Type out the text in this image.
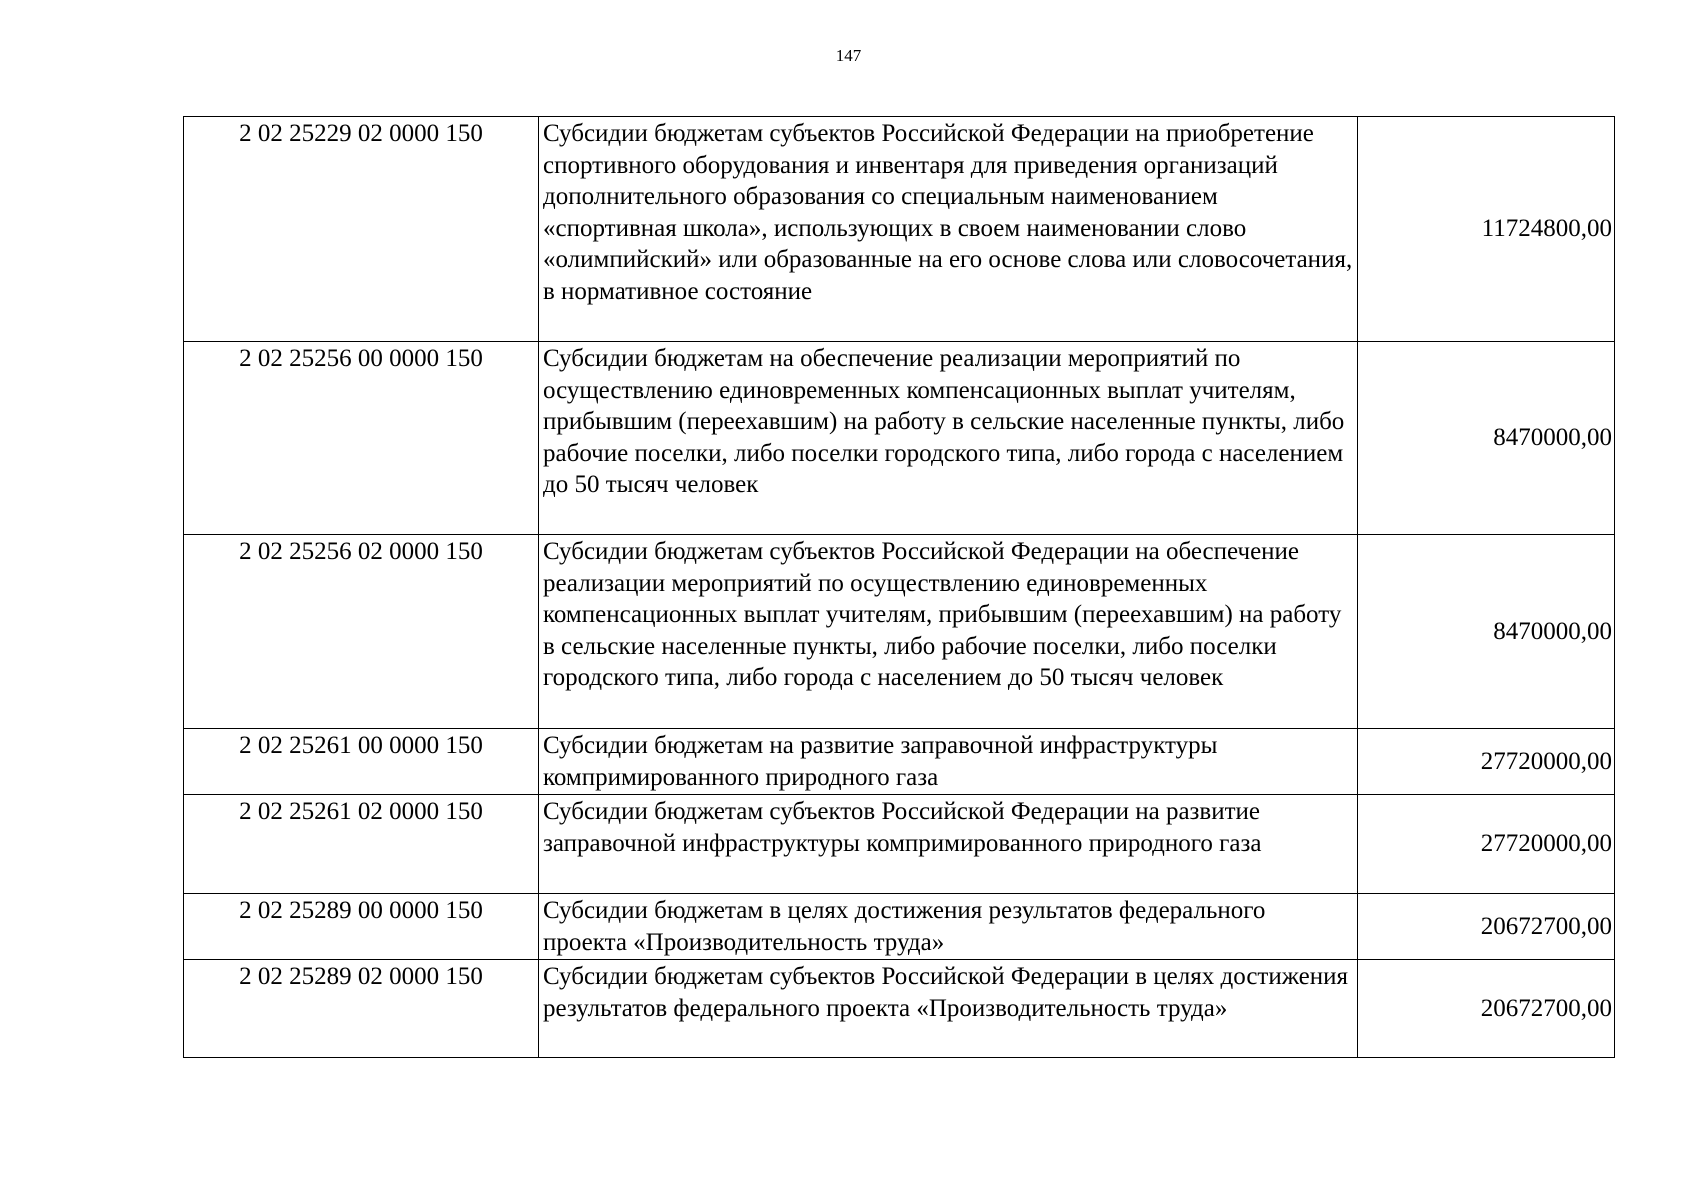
147
2 02 25229 02 0000 150	Субсидии бюджетам субъектов Российской Федерации на приобретение спортивного оборудования и инвентаря для приведения организаций дополнительного образования со специальным наименованием «спортивная школа», использующих в своем наименовании слово «олимпийский» или образованные на его основе слова или словосочетания, в нормативное состояние	11724800,00
2 02 25256 00 0000 150	Субсидии бюджетам на обеспечение реализации мероприятий по осуществлению единовременных компенсационных выплат учителям, прибывшим (переехавшим) на работу в сельские населенные пункты, либо рабочие поселки, либо поселки городского типа, либо города с населением до 50 тысяч человек	8470000,00
2 02 25256 02 0000 150	Субсидии бюджетам субъектов Российской Федерации на обеспечение реализации мероприятий по осуществлению единовременных компенсационных выплат учителям, прибывшим (переехавшим) на работу в сельские населенные пункты, либо рабочие поселки, либо поселки городского типа, либо города с населением до 50 тысяч человек	8470000,00
2 02 25261 00 0000 150	Субсидии бюджетам на развитие заправочной инфраструктуры компримированного природного газа	27720000,00
2 02 25261 02 0000 150	Субсидии бюджетам субъектов Российской Федерации на развитие заправочной инфраструктуры компримированного природного газа	27720000,00
2 02 25289 00 0000 150	Субсидии бюджетам в целях достижения результатов федерального проекта «Производительность труда»	20672700,00
2 02 25289 02 0000 150	Субсидии бюджетам субъектов Российской Федерации в целях достижения результатов федерального проекта «Производительность труда»	20672700,00
